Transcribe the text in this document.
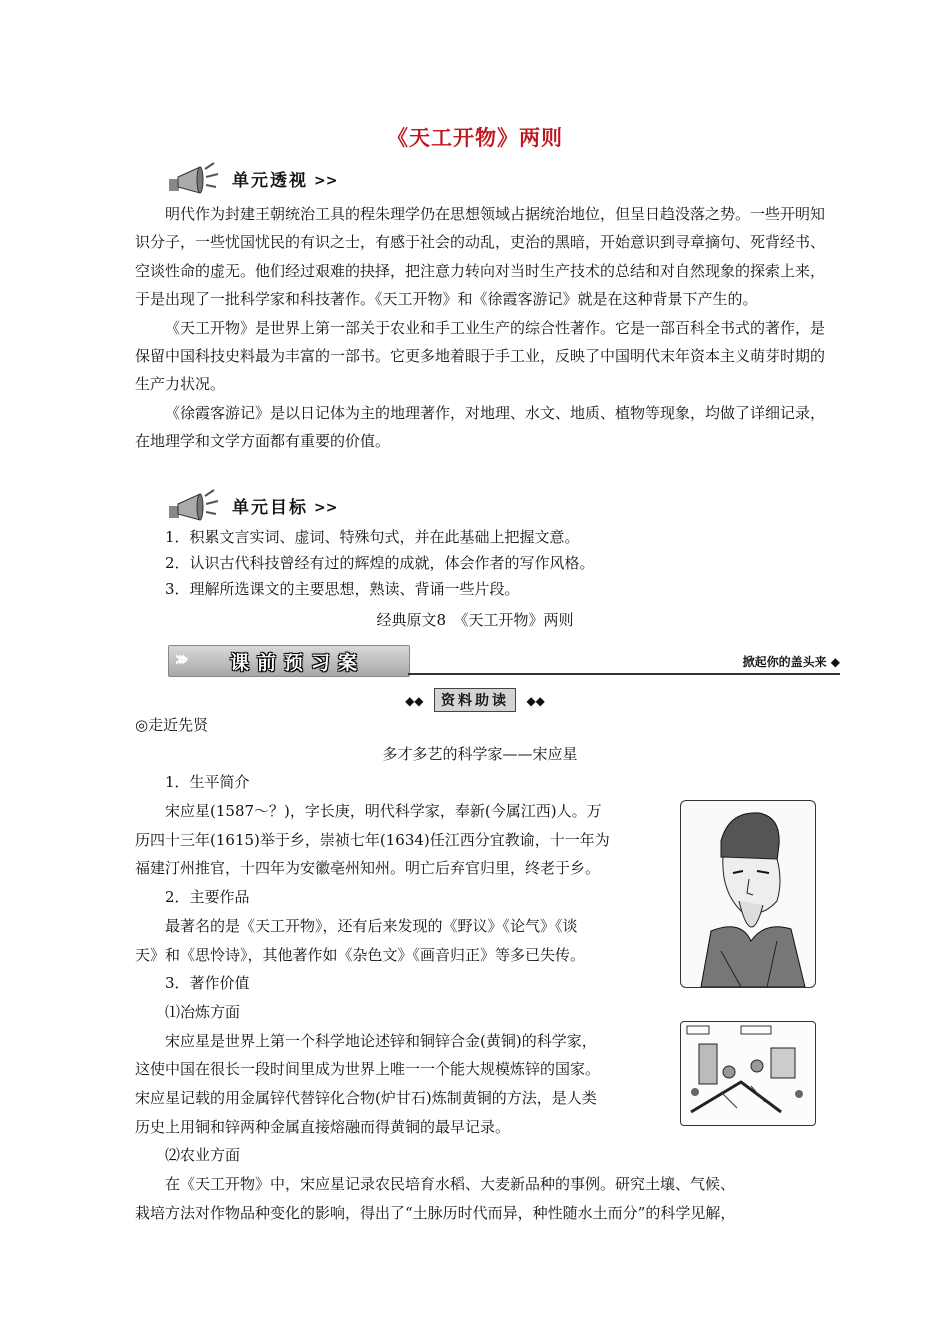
《天工开物》两则
单元透视 >>

明代作为封建王朝统治工具的程朱理学仍在思想领域占据统治地位，但呈日趋没落之势。一些开明知识分子，一些忧国忧民的有识之士，有感于社会的动乱，吏治的黑暗，开始意识到寻章摘句、死背经书、空谈性命的虚无。他们经过艰难的抉择，把注意力转向对当时生产技术的总结和对自然现象的探索上来，于是出现了一批科学家和科技著作。《天工开物》和《徐霞客游记》就是在这种背景下产生的。

《天工开物》是世界上第一部关于农业和手工业生产的综合性著作。它是一部百科全书式的著作，是保留中国科技史料最为丰富的一部书。它更多地着眼于手工业，反映了中国明代末年资本主义萌芽时期的生产力状况。

《徐霞客游记》是以日记体为主的地理著作，对地理、水文、地质、植物等现象，均做了详细记录，在地理学和文学方面都有重要的价值。

单元目标 >>

1．积累文言实词、虚词、特殊句式，并在此基础上把握文意。

2．认识古代科技曾经有过的辉煌的成就，体会作者的写作风格。

3．理解所选课文的主要思想，熟读、背诵一些片段。

经典原文8　《天工开物》两则
››› 课前预习案	掀起你的盖头来 ◆
◆◆ 资料助读 ◆◆

◎走近先贤

多才多艺的科学家——宋应星

1．生平简介

宋应星(1587～？)，字长庚，明代科学家，奉新(今属江西)人。万

历四十三年(1615)举于乡，崇祯七年(1634)任江西分宜教谕，十一年为

福建汀州推官，十四年为安徽亳州知州。明亡后弃官归里，终老于乡。

2．主要作品

最著名的是《天工开物》，还有后来发现的《野议》《论气》《谈

天》和《思怜诗》，其他著作如《杂色文》《画音归正》等多已失传。

3．著作价值

⑴冶炼方面

宋应星是世界上第一个科学地论述锌和铜锌合金(黄铜)的科学家，

这使中国在很长一段时间里成为世界上唯一一个能大规模炼锌的国家。

宋应星记载的用金属锌代替锌化合物(炉甘石)炼制黄铜的方法，是人类

历史上用铜和锌两种金属直接熔融而得黄铜的最早记录。

⑵农业方面

在《天工开物》中，宋应星记录农民培育水稻、大麦新品种的事例。研究土壤、气候、

栽培方法对作物品种变化的影响，得出了“土脉历时代而异，种性随水土而分”的科学见解，
